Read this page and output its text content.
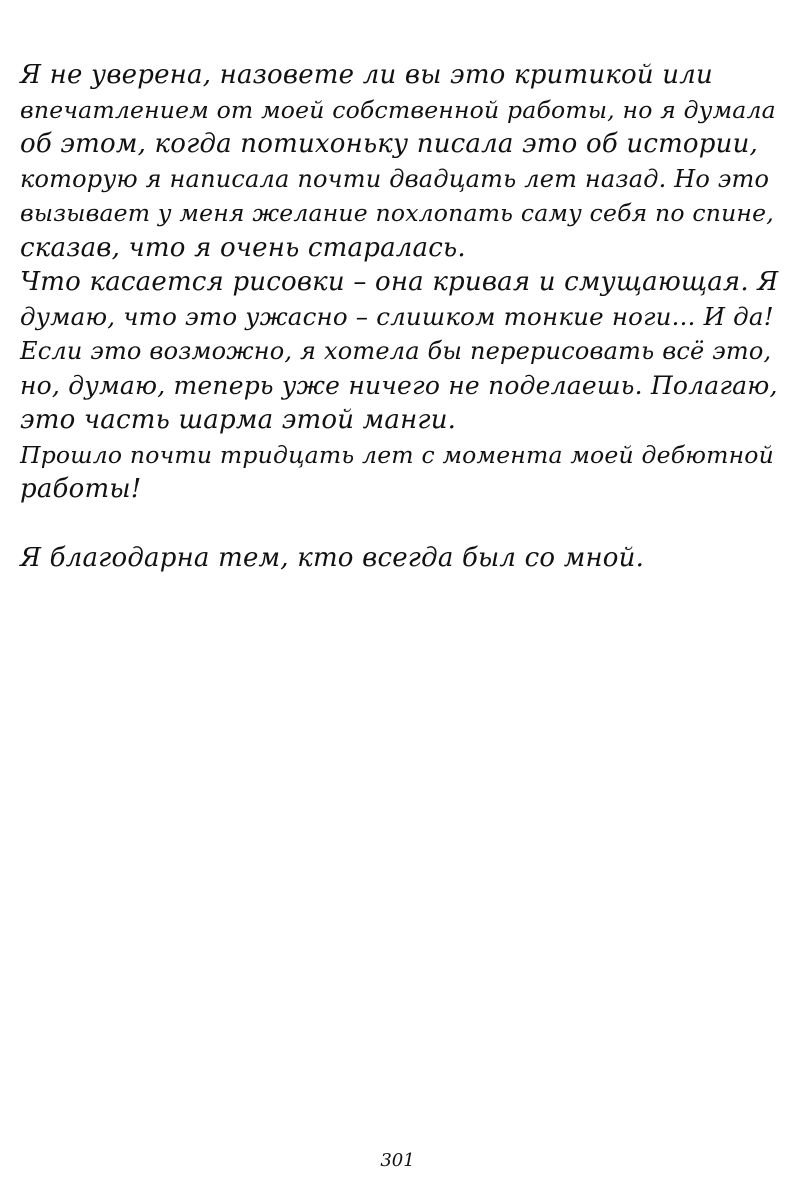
Я не уверена, назовете ли вы это критикой или
впечатлением от моей собственной работы, но я думала
об этом, когда потихоньку писала это об истории,
которую я написала почти двадцать лет назад. Но это
вызывает у меня желание похлопать саму себя по спине,
сказав, что я очень старалась.
Что касается рисовки – она кривая и смущающая. Я
думаю, что это ужасно – слишком тонкие ноги... И да!
Если это возможно, я хотела бы перерисовать всё это,
но, думаю, теперь уже ничего не поделаешь. Полагаю,
это часть шарма этой манги.
Прошло почти тридцать лет с момента моей дебютной
работы!
Я благодарна тем, кто всегда был со мной.
301
